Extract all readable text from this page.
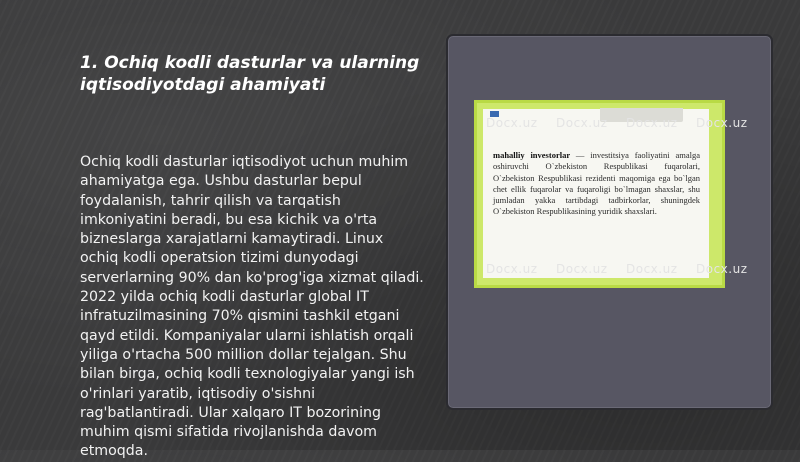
1. Ochiq kodli dasturlar va ularning iqtisodiyotdagi ahamiyati

Ochiq kodli dasturlar iqtisodiyot uchun muhim ahamiyatga ega. Ushbu dasturlar bepul foydalanish, tahrir qilish va tarqatish imkoniyatini beradi, bu esa kichik va o'rta bizneslarga xarajatlarni kamaytiradi. Linux ochiq kodli operatsion tizimi dunyodagi serverlarning 90% dan ko'prog'iga xizmat qiladi. 2022 yilda ochiq kodli dasturlar global IT infratuzilmasining 70% qismini tashkil etgani qayd etildi. Kompaniyalar ularni ishlatish orqali yiliga o'rtacha 500 million dollar tejalgan. Shu bilan birga, ochiq kodli texnologiyalar yangi ish o'rinlari yaratib, iqtisodiy o'sishni rag'batlantiradi. Ular xalqaro IT bozorining muhim qismi sifatida rivojlanishda davom etmoqda.

Docx.uz Docx.uz Docx.uz Docx.uz

mahalliy investorlar — investitsiya faoliyatini amalga oshiruvchi O`zbekiston Respublikasi fuqarolari, O`zbekiston Respublikasi rezidenti maqomiga ega bo`lgan chet ellik fuqarolar va fuqaroligi bo`lmagan shaxslar, shu jumladan yakka tartibdagi tadbirkorlar, shuningdek O`zbekiston Respublikasining yuridik shaxslari.

Docx.uz Docx.uz Docx.uz Docx.uz
